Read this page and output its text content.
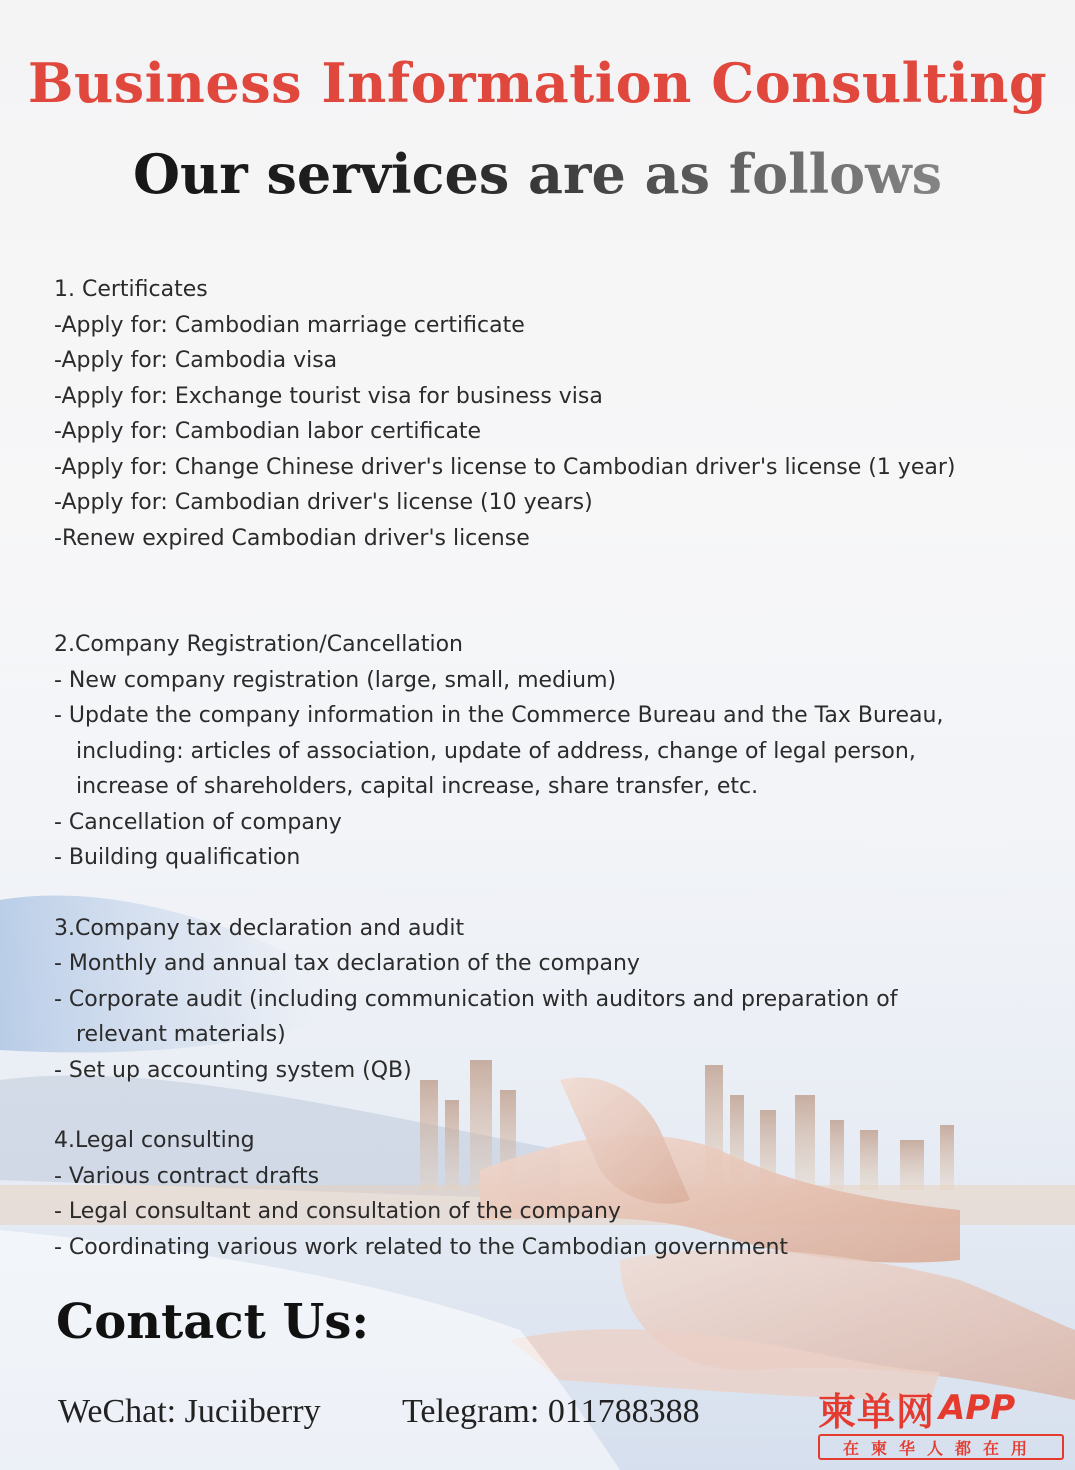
Business Information Consulting
Our services are as follows
1. Certificates
-Apply for: Cambodian marriage certificate
-Apply for: Cambodia visa
-Apply for: Exchange tourist visa for business visa
-Apply for: Cambodian labor certificate
-Apply for: Change Chinese driver's license to Cambodian driver's license (1 year)
-Apply for: Cambodian driver's license (10 years)
-Renew expired Cambodian driver's license
2.Company Registration/Cancellation
- New company registration (large, small, medium)
- Update the company information in the Commerce Bureau and the Tax Bureau,
including: articles of association, update of address, change of legal person,
increase of shareholders, capital increase, share transfer, etc.
- Cancellation of company
- Building qualification
3.Company tax declaration and audit
- Monthly and annual tax declaration of the company
- Corporate audit (including communication with auditors and preparation of
relevant materials)
- Set up accounting system (QB)
4.Legal consulting
- Various contract drafts
- Legal consultant and consultation of the company
- Coordinating various work related to the Cambodian government
Contact Us:
WeChat: Juciiberry Telegram: 011788388	柬单网 APP
在柬华人都在用
